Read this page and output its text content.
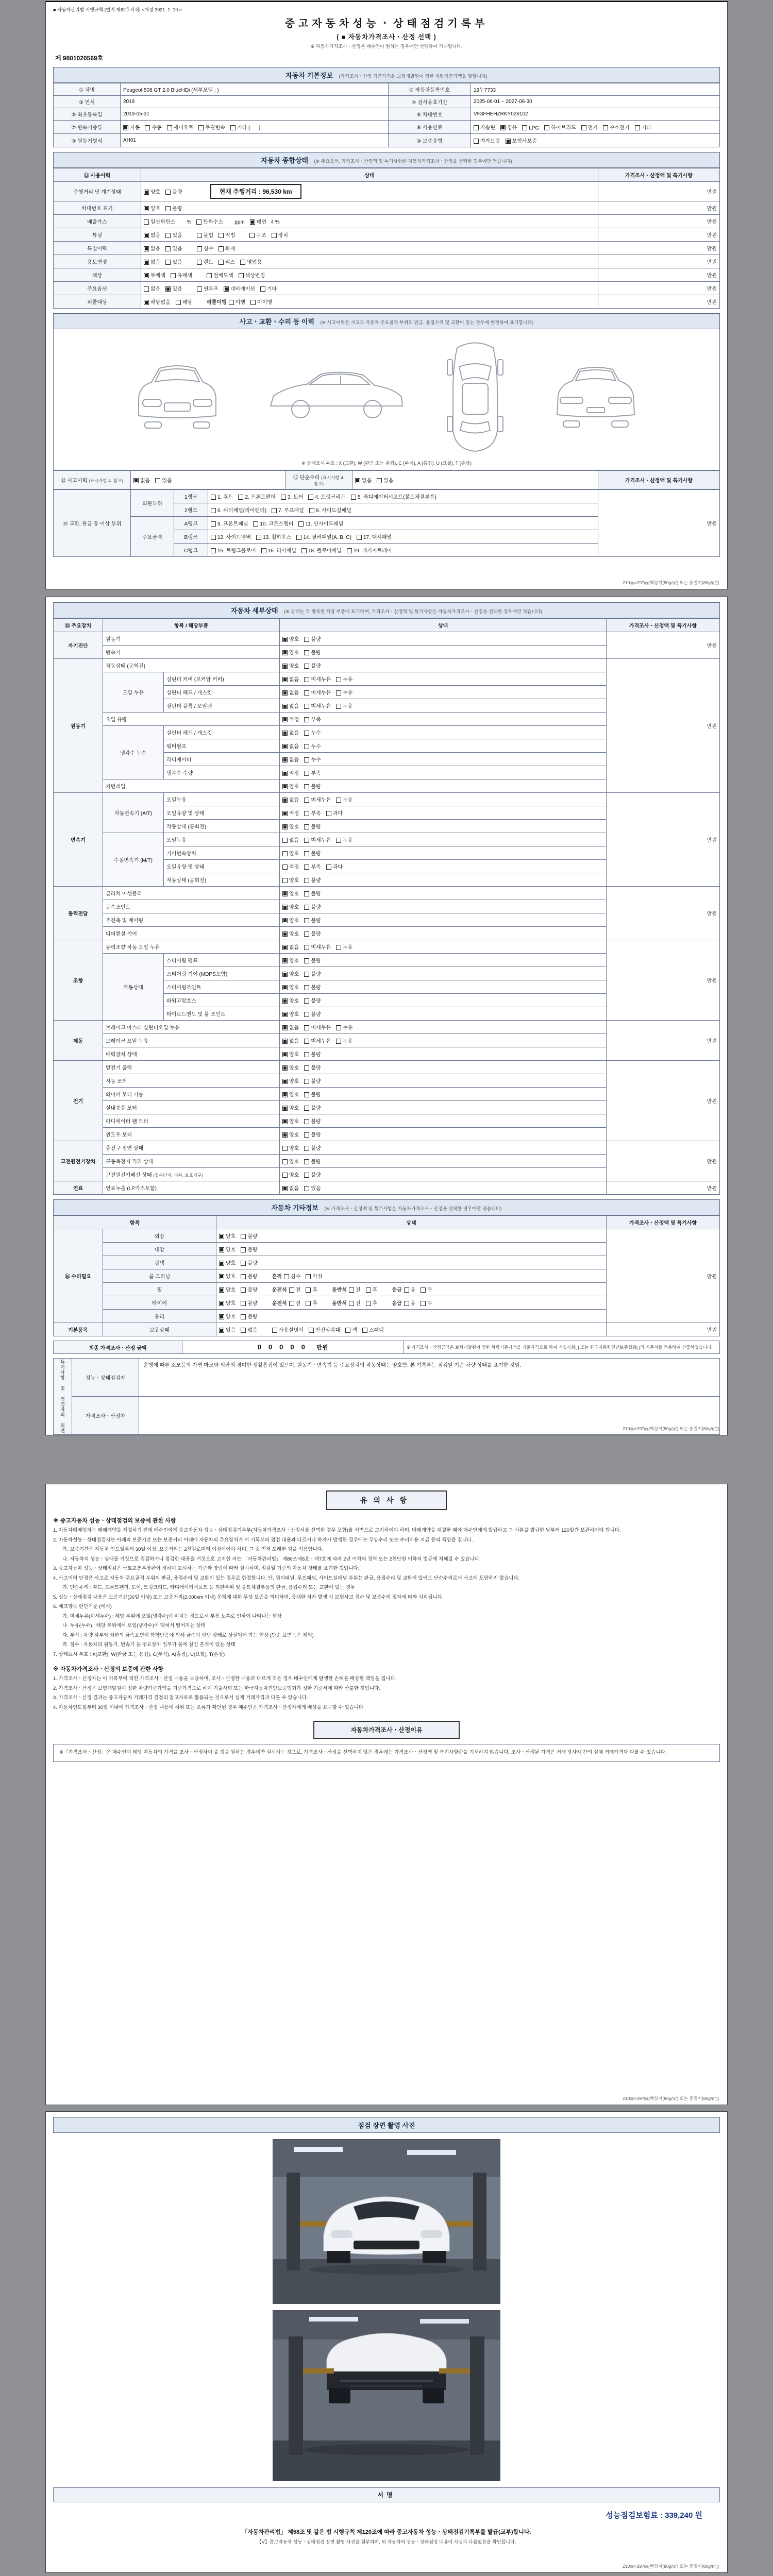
■ 자동차관리법 시행규칙 [별지 제82호서식] <개정 2021. 1. 19.>
중고자동차성능ㆍ상태점검기록부
( ■ 자동차가격조사ㆍ산정 선택 )
※ 자동차가격조사ㆍ산정은 매수인이 원하는 경우에만 선택하여 기재합니다.
제 9801020569호
자동차 기본정보 (가격조사ㆍ산정 기준가격은 보험개발원이 정한 차량기준가액을 말합니다)
① 차명	Peugeot 508 GT 2.0 BlueHDi (세부모델 : )	② 자동차등록번호	19누7733
③ 연식	2019	④ 검사유효기간	2025-06-01 ~ 2027-06-30
⑤ 최초등록일	2019-05-31	⑥ 차대번호	VF3FHEHZRKY026102
⑦ 변속기종류	자동 수동 세미오토 무단변속 기타 (      )	⑧ 사용연료	가솔린 경유 LPG 하이브리드 전기 수소전기 기타
⑨ 원동기형식	AH01	⑩ 보증유형	자가보증 보험사보증
자동차 종합상태 (※ 주요옵션, 가격조사ㆍ산정액 및 특기사항은 자동차가격조사ㆍ산정을 선택한 경우에만 적습니다)
⑪ 사용이력	상태	가격조사ㆍ산정액 및 특기사항
주행거리 및 계기상태	양호 불량 현재 주행거리 : 96,530 km	만원
차대번호 표기	양호 불량	만원
배출가스	일산화탄소        % 탄화수소        ppm 매연   4 %	만원
튜닝	없음 있음 불법 적법 구조 장치	만원
특별이력	없음 있음 침수 화재	만원
용도변경	없음 있음 렌트 리스 영업용	만원
색상	무채색 유채색 전체도색 색상변경	만원
주요옵션	없음 있음 썬루프 네비게이션 기타	만원
리콜대상	해당없음 해당 리콜이행 이행 미이행	만원
사고ㆍ교환ㆍ수리 등 이력 (※ 사고이력은 사고로 자동차 주요골격 부위의 판금, 용접수리 및 교환이 있는 경우에 한정하여 표기합니다)
※ 상태표시 부호 : X (교환), W (판금 또는 용접), C (부식), A (흠집), U (요철), T (손상)
⑫ 사고이력 (표시사항 4. 참조)	없음 있음	⑬ 단순수리 (표시사항 4. 참조)	없음 있음	가격조사ㆍ산정액 및 특기사항
⑭ 교환, 판금 등 이상 부위	외판부위	1랭크	1. 후드 2. 프론트펜더 3. 도어 4. 트렁크리드 5. 라디에이터서포트(볼트체결부품)	만원
		2랭크	6. 쿼터패널(리어펜더) 7. 루프패널 8. 사이드실패널	
	주요골격	A랭크	9. 프론트패널 10. 크로스멤버 11. 인사이드패널	
		B랭크	12. 사이드멤버 13. 휠하우스 14. 필러패널(A, B, C) 17. 대시패널	
		C랭크	15. 트렁크플로어 16. 리어패널 18. 플로어패널 19. 패키지트레이	
210㎜×297㎜[백상지(80g/㎡) 또는 중질지(80g/㎡)]
자동차 세부상태 (※ 상태는 각 항목별 해당 부품에 표기하며, 가격조사ㆍ산정액 및 특기사항은 자동차가격조사ㆍ산정을 선택한 경우에만 적습니다)
⑮ 주요장치	항목 / 해당부품		상태	가격조사ㆍ산정액 및 특기사항
자기진단	원동기		양호 불량	만원
	변속기		양호 불량	
원동기	작동상태 (공회전)		양호 불량	만원
	오일 누유	실린더 커버 (로커암 커버)	없음 미세누유 누유	
		실린더 헤드 / 개스킷	없음 미세누유 누유	
		실린더 블록 / 오일팬	없음 미세누유 누유	
	오일 유량		적정 부족	
	냉각수 누수	실린더 헤드 / 개스킷	없음 누수	
		워터펌프	없음 누수	
		라디에이터	없음 누수	
		냉각수 수량	적정 부족	
	커먼레일		양호 불량	
변속기	자동변속기 (A/T)	오일누유	없음 미세누유 누유	만원
		오일유량 및 상태	적정 부족 과다	
		작동상태 (공회전)	양호 불량	
	수동변속기 (M/T)	오일누유	없음 미세누유 누유	
		기어변속장치	양호 불량	
		오일유량 및 상태	적정 부족 과다	
		작동상태 (공회전)	양호 불량	
동력전달	클러치 어셈블리		양호 불량	만원
	등속조인트		양호 불량	
	추진축 및 베어링		양호 불량	
	디퍼렌셜 기어		양호 불량	
조향	동력조향 작동 오일 누유		없음 미세누유 누유	만원
	작동상태	스티어링 펌프	양호 불량	
		스티어링 기어 (MDPS포함)	양호 불량	
		스티어링조인트	양호 불량	
		파워고압호스	양호 불량	
		타이로드엔드 및 볼 조인트	양호 불량	
제동	브레이크 마스터 실린더오일 누유		없음 미세누유 누유	만원
	브레이크 오일 누유		없음 미세누유 누유	
	배력장치 상태		양호 불량	
전기	발전기 출력		양호 불량	만원
	시동 모터		양호 불량	
	와이퍼 모터 기능		양호 불량	
	실내송풍 모터		양호 불량	
	라디에이터 팬 모터		양호 불량	
	윈도우 모터		양호 불량	
고전원전기장치	충전구 절연 상태		양호 불량	만원
	구동축전지 격리 상태		양호 불량	
	고전원전기배선 상태 (접속단자, 피복, 보호기구)		양호 불량	
연료	연료누출 (LP가스포함)		없음 있음	만원
자동차 기타정보 (※ 가격조사ㆍ산정액 및 특기사항은 자동차가격조사ㆍ산정을 선택한 경우에만 적습니다)
항목		상태	가격조사ㆍ산정액 및 특기사항
⑯ 수리필요	외장	양호 불량	만원
	내장	양호 불량	
	광택	양호 불량	
	룸 크리닝	양호 불량 흔적 침수 악취	
	휠	양호 불량 운전석 전 후 동반석 전 후 응급 유 무	
	타이어	양호 불량 운전석 전 후 동반석 전 후 응급 유 무	
	유리	양호 불량	
기본품목	보유상태	있음 없음 사용설명서 안전삼각대 잭 스패너	만원
최종 가격조사ㆍ산정 금액	00000 만원	※ 가격조사ㆍ산정금액은 보험개발원이 정한 차량기준가액을 기준가격으로 하여 기술사회[ ] 또는 한국자동차진단보증협회[ ]의 기준서를 적용하여 산출하였습니다.
특기사항 및 점검자의 의견	성능ㆍ상태점검자	운행에 따른 소모품의 자연 마모와 외판의 경미한 생활흠집이 있으며, 원동기ㆍ변속기 등 주요장치의 작동상태는 양호함. 본 기록부는 점검일 기준 차량 상태를 표기한 것임.
	가격조사ㆍ산정자	
210㎜×297㎜[백상지(80g/㎡) 또는 중질지(80g/㎡)]
유의사항
※ 중고자동차 성능ㆍ상태점검의 보증에 관한 사항
1. 자동차매매업자는 매매계약을 체결하기 전에 매수인에게 중고자동차 성능ㆍ상태점검기록부(자동차가격조사ㆍ산정서를 선택한 경우 포함)를 서면으로 고지하여야 하며, 매매계약을 체결한 때에 매수인에게 발급하고 그 사본을 발급한 날부터 120일간 보관하여야 합니다.
2. 자동차성능ㆍ상태점검자는 아래의 보증기간 또는 보증거리 이내에 자동차의 주요장치가 이 기록부의 점검 내용과 다르거나 하자가 발생한 경우에는 무상수리 또는 수리비용 지급 등의 책임을 집니다.
가. 보증기간은 자동차 인도일부터 30일 이상, 보증거리는 2천킬로미터 이상이어야 하며, 그 중 먼저 도래한 것을 적용합니다.
나. 자동차의 성능ㆍ상태를 거짓으로 점검하거나 점검한 내용을 거짓으로 고지한 자는 「자동차관리법」 제80조제6호ㆍ제7호에 따라 2년 이하의 징역 또는 2천만원 이하의 벌금에 처해질 수 있습니다.
3. 중고자동차 성능ㆍ상태점검은 국토교통부장관이 정하여 고시하는 기준과 방법에 따라 실시하며, 점검일 기준의 자동차 상태를 표기한 것입니다.
4. 사고이력 인정은 사고로 자동차 주요골격 부위의 판금, 용접수리 및 교환이 있는 경우로 한정합니다. 단, 쿼터패널, 루프패널, 사이드실패널 부위는 판금, 용접수리 및 교환이 있어도 단순수리로서 사고에 포함하지 않습니다.
가. 단순수리 : 후드, 프론트펜더, 도어, 트렁크리드, 라디에이터서포트 등 외판부위 및 볼트체결부품의 판금, 용접수리 또는 교환이 있는 경우
5. 성능ㆍ상태점검 내용은 보증기간(30일 이상) 또는 보증거리(2,000km 이내) 운행에 대한 무상 보증을 의미하며, 중대한 하자 발생 시 보험사고 접수 및 보증수리 절차에 따라 처리됩니다.
6. 체크항목 판단기준 (예시)
가. 미세누유(미세누수) : 해당 부위에 오일(냉각수)이 비치는 정도로서 부품 노후로 인하여 나타나는 현상
나. 누유(누수) : 해당 부위에서 오일(냉각수)이 맺혀서 떨어지는 상태
다. 부식 : 차량 하부와 외판의 금속표면이 화학반응에 의해 금속이 아닌 상태로 상실되어 가는 현상 (단순 표면녹은 제외)
라. 침수 : 자동차의 원동기, 변속기 등 주요장치 일부가 물에 잠긴 흔적이 있는 상태
7. 상태표시 부호 : X(교환), W(판금 또는 용접), C(부식), A(흠집), U(요철), T(손상)
※ 자동차가격조사ㆍ산정의 보증에 관한 사항
1. 가격조사ㆍ산정자는 이 기록부에 적힌 가격조사ㆍ산정 내용을 보증하며, 조사ㆍ산정한 내용과 다르게 적은 경우 매수인에게 발생한 손해를 배상할 책임을 집니다.
2. 가격조사ㆍ산정은 보험개발원이 정한 차량기준가액을 기준가격으로 하여 기술사회 또는 한국자동차진단보증협회가 정한 기준서에 따라 산출한 것입니다.
3. 가격조사ㆍ산정 결과는 중고자동차 거래가격 결정의 참고자료로 활용되는 것으로서 실제 거래가격과 다를 수 있습니다.
4. 자동차인도일부터 30일 이내에 가격조사ㆍ산정 내용에 허위 또는 오류가 확인된 경우 매수인은 가격조사ㆍ산정자에게 배상을 요구할 수 있습니다.
자동차가격조사ㆍ산정이유
※「가격조사ㆍ산정」은 매수인이 해당 자동차의 가격을 조사ㆍ산정하여 줄 것을 원하는 경우에만 실시하는 것으로, 가격조사ㆍ산정을 선택하지 않은 경우에는 가격조사ㆍ산정액 및 특기사항란을 기재하지 않습니다. 조사ㆍ산정된 가격은 거래 당사자 간의 실제 거래가격과 다를 수 있습니다.
210㎜×297㎜[백상지(80g/㎡) 또는 중질지(80g/㎡)]
점검 장면 촬영 사진
서명
성능점검보험료 : 339,240 원
「자동차관리법」 제58조 및 같은 법 시행규칙 제120조에 따라 중고자동차 성능ㆍ상태점검기록부를 발급(교부)합니다.
【V】중고자동차 성능ㆍ상태점검 장면 촬영 사진을 첨부하며, 위 자동차의 성능ㆍ상태점검 내용이 사실과 다름없음을 확인합니다.
210㎜×297㎜[백상지(80g/㎡) 또는 중질지(80g/㎡)]
